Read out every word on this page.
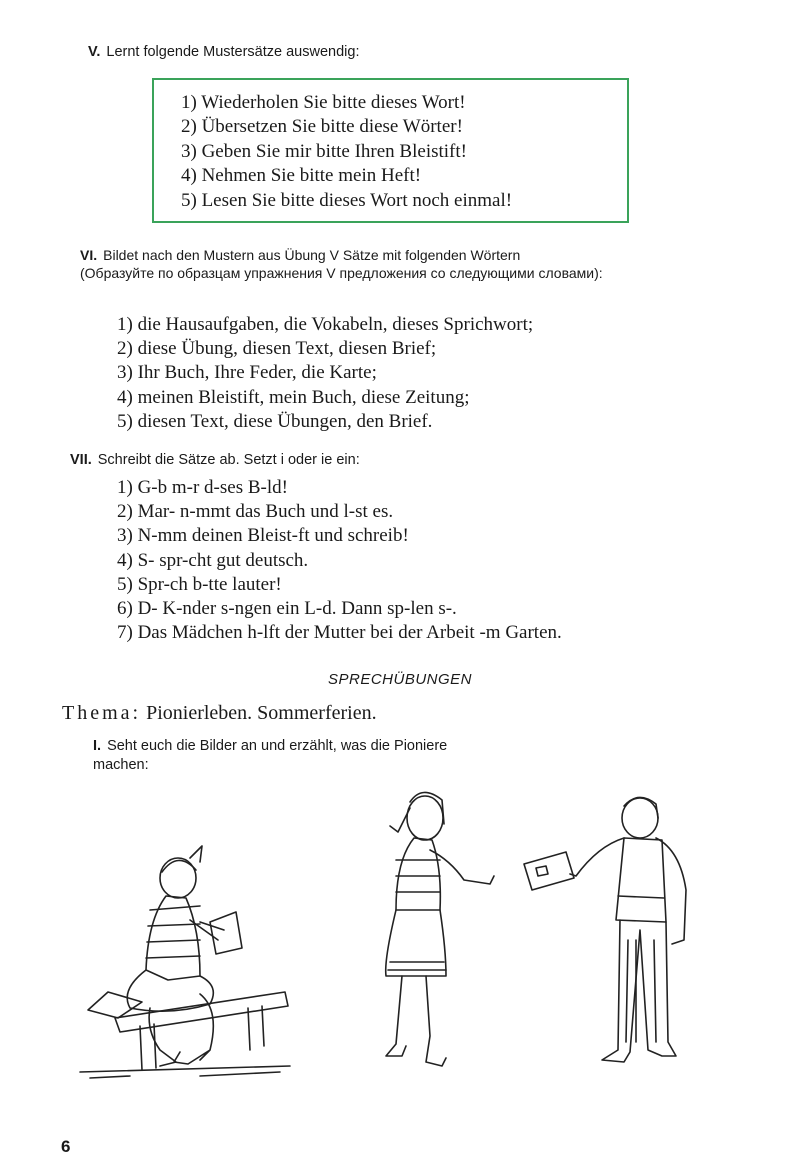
V. Lernt folgende Mustersätze auswendig:
1) Wiederholen Sie bitte dieses Wort!
2) Übersetzen Sie bitte diese Wörter!
3) Geben Sie mir bitte Ihren Bleistift!
4) Nehmen Sie bitte mein Heft!
5) Lesen Sie bitte dieses Wort noch einmal!
VI. Bildet nach den Mustern aus Übung V Sätze mit folgenden Wörtern
(Образуйте по образцам упражнения V предложения со следующими словами):
1) die Hausaufgaben, die Vokabeln, dieses Sprichwort;
2) diese Übung, diesen Text, diesen Brief;
3) Ihr Buch, Ihre Feder, die Karte;
4) meinen Bleistift, mein Buch, diese Zeitung;
5) diesen Text, diese Übungen, den Brief.
VII. Schreibt die Sätze ab. Setzt i oder ie ein:
1) G-b m-r d-ses B-ld!
2) Mar- n-mmt das Buch und l-st es.
3) N-mm deinen Bleist-ft und schreib!
4) S- spr-cht gut deutsch.
5) Spr-ch b-tte lauter!
6) D- K-nder s-ngen ein L-d. Dann sp-len s-.
7) Das Mädchen h-lft der Mutter bei der Arbeit -m Garten.
SPRECHÜBUNGEN
Thema: Pionierleben. Sommerferien.
I. Seht euch die Bilder an und erzählt, was die Pioniere machen:
6
